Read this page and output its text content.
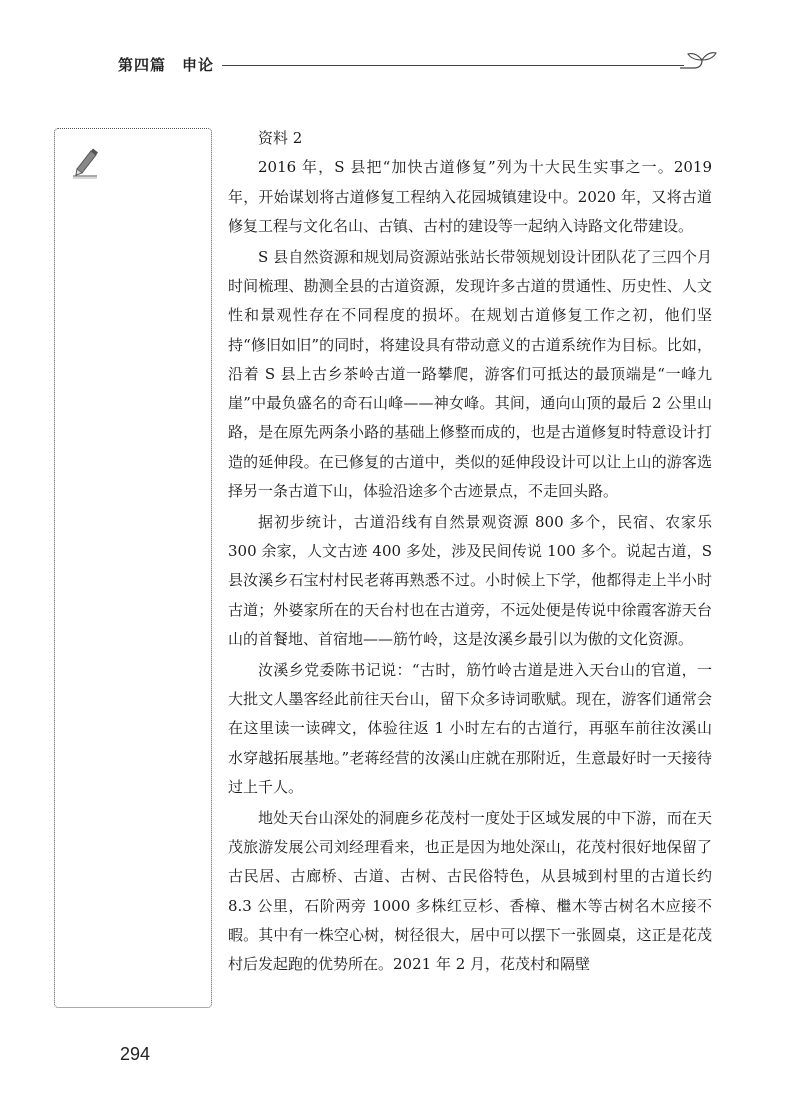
第四篇　申论

资料 2

2016 年，S 县把“加快古道修复”列为十大民生实事之一。2019 年，开始谋划将古道修复工程纳入花园城镇建设中。2020 年，又将古道修复工程与文化名山、古镇、古村的建设等一起纳入诗路文化带建设。

S 县自然资源和规划局资源站张站长带领规划设计团队花了三四个月时间梳理、勘测全县的古道资源，发现许多古道的贯通性、历史性、人文性和景观性存在不同程度的损坏。在规划古道修复工作之初，他们坚持“修旧如旧”的同时，将建设具有带动意义的古道系统作为目标。比如，沿着 S 县上古乡茶岭古道一路攀爬，游客们可抵达的最顶端是“一峰九崖”中最负盛名的奇石山峰——神女峰。其间，通向山顶的最后 2 公里山路，是在原先两条小路的基础上修整而成的，也是古道修复时特意设计打造的延伸段。在已修复的古道中，类似的延伸段设计可以让上山的游客选择另一条古道下山，体验沿途多个古迹景点，不走回头路。

据初步统计，古道沿线有自然景观资源 800 多个，民宿、农家乐 300 余家，人文古迹 400 多处，涉及民间传说 100 多个。说起古道，S 县汝溪乡石宝村村民老蒋再熟悉不过。小时候上下学，他都得走上半小时古道；外婆家所在的天台村也在古道旁，不远处便是传说中徐霞客游天台山的首餐地、首宿地——筋竹岭，这是汝溪乡最引以为傲的文化资源。

汝溪乡党委陈书记说：“古时，筋竹岭古道是进入天台山的官道，一大批文人墨客经此前往天台山，留下众多诗词歌赋。现在，游客们通常会在这里读一读碑文，体验往返 1 小时左右的古道行，再驱车前往汝溪山水穿越拓展基地。”老蒋经营的汝溪山庄就在那附近，生意最好时一天接待过上千人。

地处天台山深处的洞鹿乡花茂村一度处于区域发展的中下游，而在天茂旅游发展公司刘经理看来，也正是因为地处深山，花茂村很好地保留了古民居、古廊桥、古道、古树、古民俗特色，从县城到村里的古道长约 8.3 公里，石阶两旁 1000 多株红豆杉、香樟、檵木等古树名木应接不暇。其中有一株空心树，树径很大，居中可以摆下一张圆桌，这正是花茂村后发起跑的优势所在。2021 年 2 月，花茂村和隔壁

294
